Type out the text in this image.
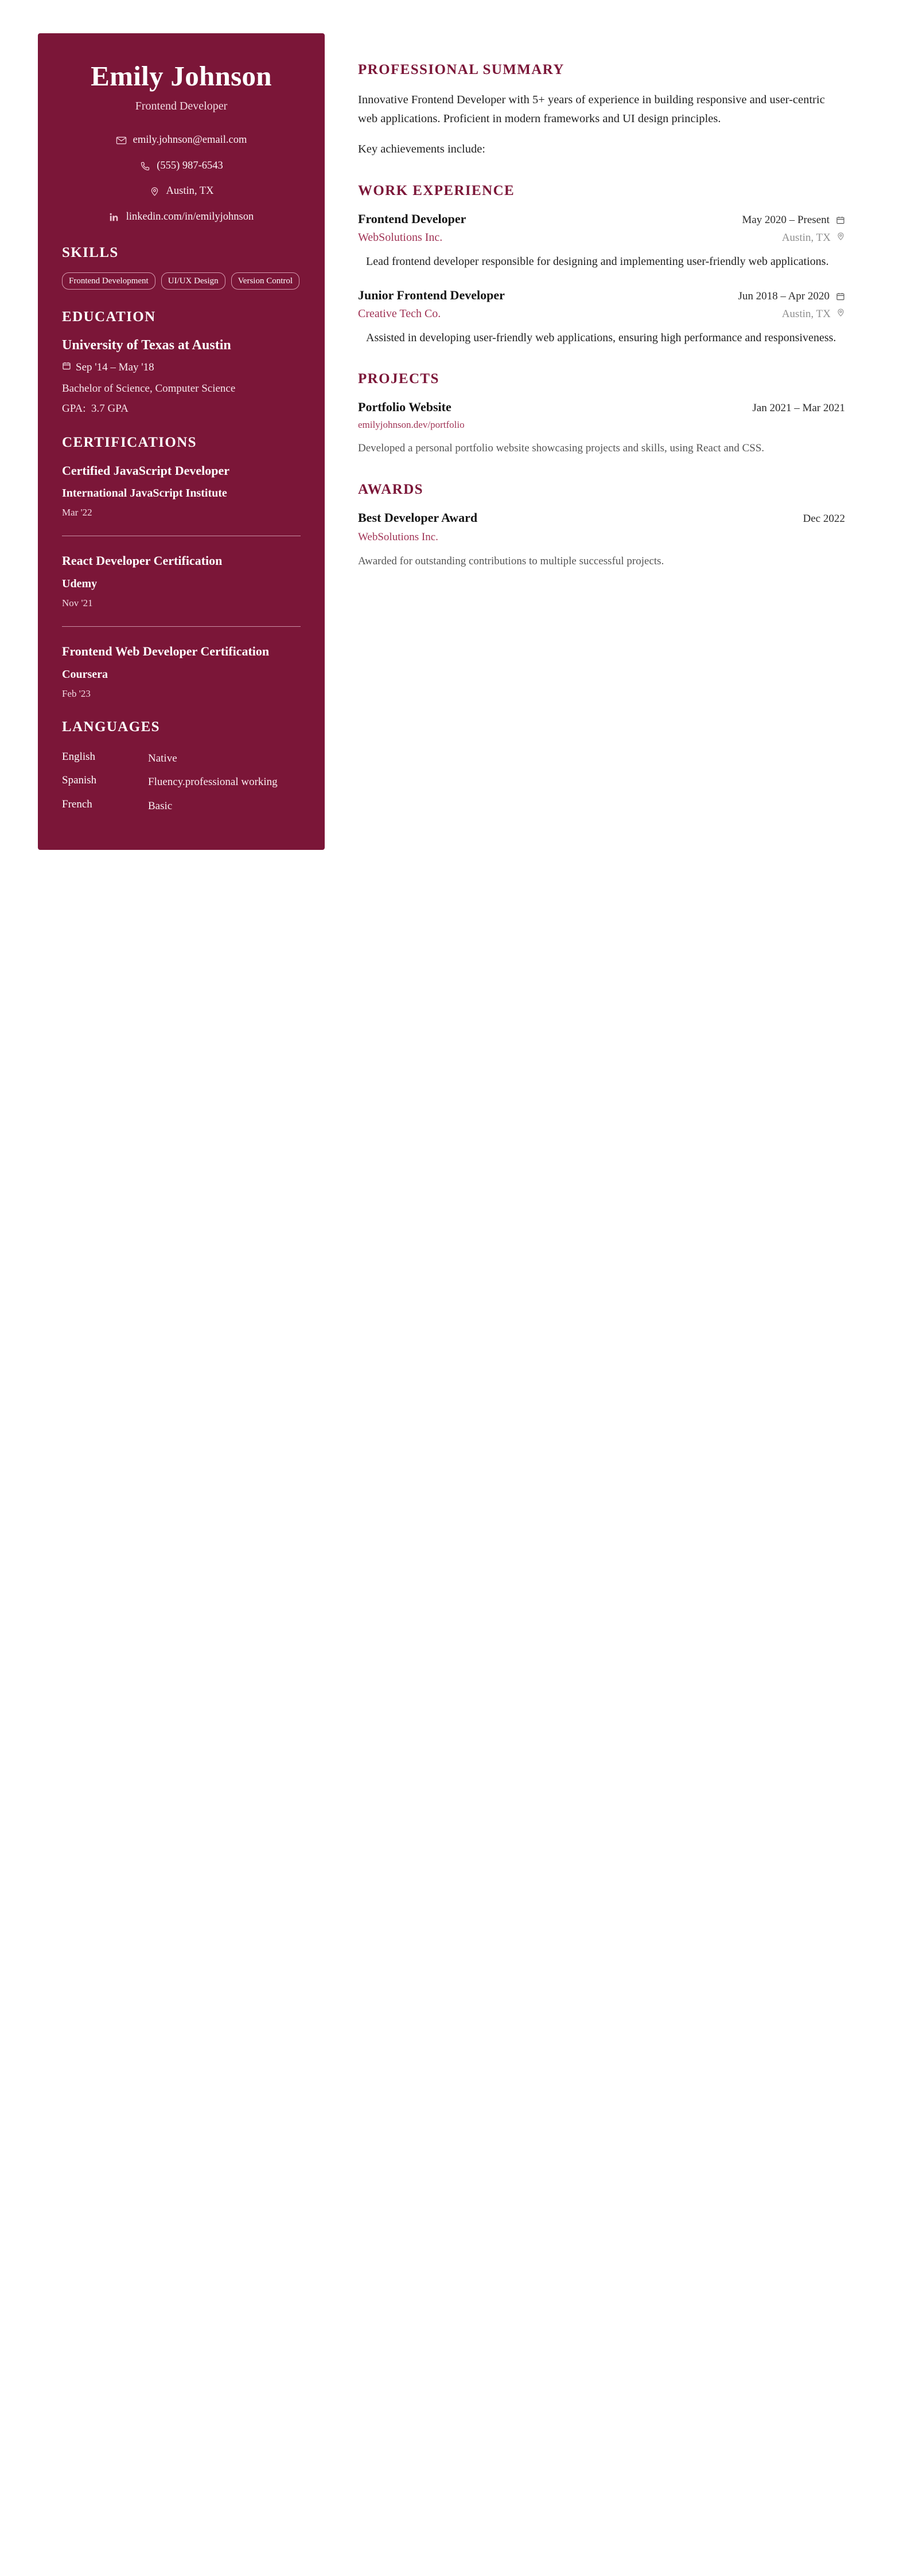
Emily Johnson
Frontend Developer
emily.johnson@email.com
(555) 987-6543
Austin, TX
linkedin.com/in/emilyjohnson
SKILLS
Frontend Development	UI/UX Design	Version Control
EDUCATION
University of Texas at Austin
Sep '14 – May '18
Bachelor of Science, Computer Science
GPA: 3.7 GPA
CERTIFICATIONS
Certified JavaScript Developer
International JavaScript Institute
Mar '22
React Developer Certification
Udemy
Nov '21
Frontend Web Developer Certification
Coursera
Feb '23
LANGUAGES
English	Native
Spanish	Fluency.professional working
French	Basic
PROFESSIONAL SUMMARY

Innovative Frontend Developer with 5+ years of experience in building responsive and user-centric web applications. Proficient in modern frameworks and UI design principles.

Key achievements include:

WORK EXPERIENCE
Frontend Developer	May 2020 – Present
WebSolutions Inc.	Austin, TX

Lead frontend developer responsible for designing and implementing user-friendly web applications.

Junior Frontend Developer	Jun 2018 – Apr 2020
Creative Tech Co.	Austin, TX

Assisted in developing user-friendly web applications, ensuring high performance and responsiveness.

PROJECTS
Portfolio Website	Jan 2021 – Mar 2021
emilyjohnson.dev/portfolio

Developed a personal portfolio website showcasing projects and skills, using React and CSS.

AWARDS
Best Developer Award	Dec 2022
WebSolutions Inc.

Awarded for outstanding contributions to multiple successful projects.
